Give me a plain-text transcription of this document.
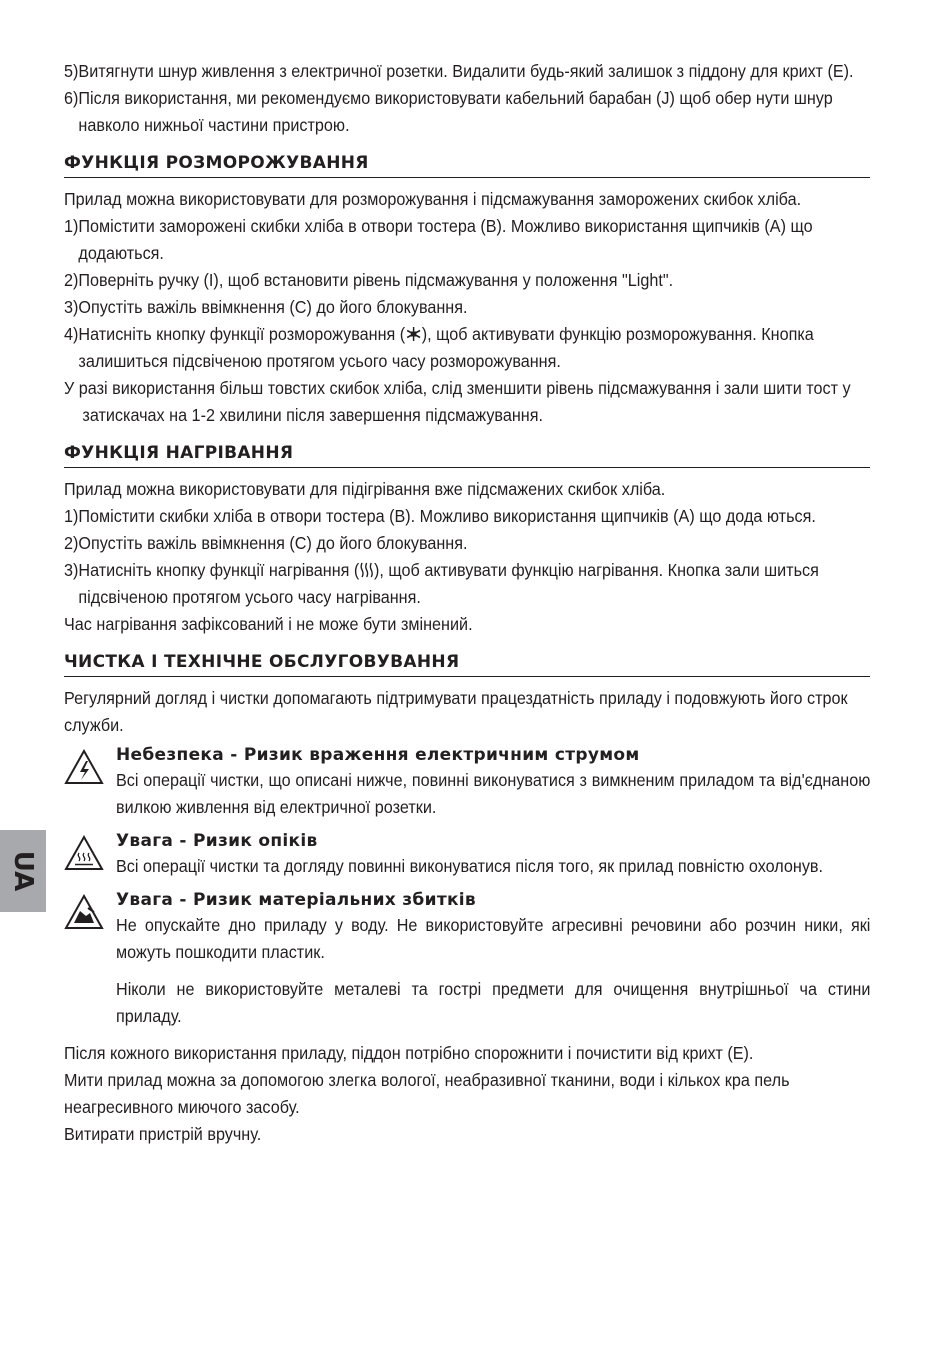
UA
5) Витягнути шнур живлення з електричної розетки. Видалити будь-який залишок з піддону для крихт (E).
6) Після використання, ми рекомендуємо використовувати кабельний барабан (J) щоб обер нути шнур навколо нижньої частини пристрою.
ФУНКЦІЯ РОЗМОРОЖУВАННЯ
Прилад можна використовувати для розморожування і підсмажування заморожених скибок хліба.
1) Помістити заморожені скибки хліба в отвори тостера (B). Можливо використання щипчиків (A) що додаються.
2) Поверніть ручку (I), щоб встановити рівень підсмажування у положення "Light".
3) Опустіть важіль ввімкнення (C) до його блокування.
4) Натисніть кнопку функції розморожування ( ), щоб активувати функцію розморожування. Кнопка залишиться підсвіченою протягом усього часу розморожування.
У разі використання більш товстих скибок хліба, слід зменшити рівень підсмажування і зали шити тост у затискачах на 1-2 хвилини після завершення підсмажування.
ФУНКЦІЯ НАГРІВАННЯ
Прилад можна використовувати для підігрівання вже підсмажених скибок хліба.
1) Помістити скибки хліба в отвори тостера (B). Можливо використання щипчиків (A) що дода ються.
2) Опустіть важіль ввімкнення (C) до його блокування.
3) Натисніть кнопку функції нагрівання ( ), щоб активувати функцію нагрівання. Кнопка зали шиться підсвіченою протягом усього часу нагрівання.
Час нагрівання зафіксований і не може бути змінений.
ЧИСТКА І ТЕХНІЧНЕ ОБСЛУГОВУВАННЯ
Регулярний догляд і чистки допомагають підтримувати працездатність приладу і подовжують його строк служби.
Небезпека - Ризик враження електричним струмом
Всі операції чистки, що описані нижче, повинні виконуватися з вимкненим приладом та від'єднаною вилкою живлення від електричної розетки.
Увага - Ризик опіків
Всі операції чистки та догляду повинні виконуватися після того, як прилад повністю охолонув.
Увага - Ризик матеріальних збитків
Не опускайте дно приладу у воду. Не використовуйте агресивні речовини або розчин ники, які можуть пошкодити пластик.
Ніколи не використовуйте металеві та гострі предмети для очищення внутрішньої ча стини приладу.
Після кожного використання приладу, піддон потрібно спорожнити і почистити від крихт (E).
Мити прилад можна за допомогою злегка вологої, неабразивної тканини, води і кількох кра пель неагресивного миючого засобу.
Витирати пристрій вручну.
